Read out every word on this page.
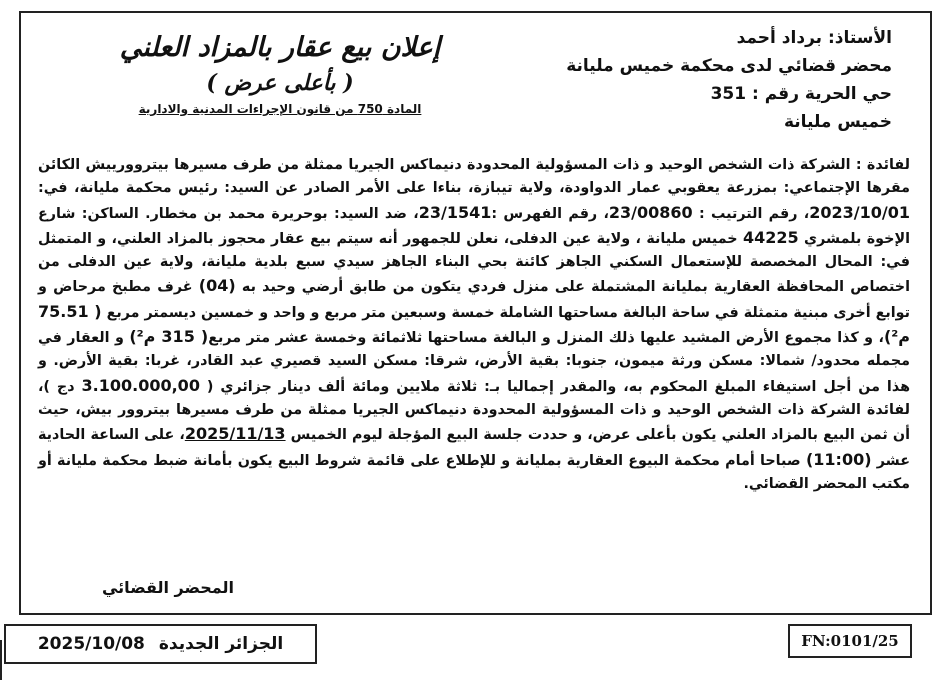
الأستاذ: برداد أحمد
محضر قضائي لدى محكمة خميس مليانة
حي الحرية رقم : 351
خميس مليانة
إعلان بيع عقار بالمزاد العلني
( بأعلى عرض )
المادة 750 من قانون الإجراءات المدنية والادارية
لفائدة : الشركة ذات الشخص الوحيد و ذات المسؤولية المحدودة دنيماكس الجيريا ممثلة من طرف مسيرها بيتروورييش الكائن مقرها الإجتماعي: بمزرعة يعقوبي عمار الدواودة، ولاية تيبازة، بناءا على الأمر الصادر عن السيد: رئيس محكمة مليانة، في: 2023/10/01، رقم الترتيب : 23/00860، رقم الفهرس :23/1541، ضد السيد: بوحريرة محمد بن مخطار. الساكن: شارع الإخوة بلمشري 44225 خميس مليانة ، ولاية عين الدفلى، نعلن للجمهور أنه سيتم بيع عقار محجوز بالمزاد العلني، و المتمثل في: المحال المخصصة للإستعمال السكني الجاهز كائنة بحي البناء الجاهز سيدي سبع بلدية مليانة، ولاية عين الدفلى من اختصاص المحافظة العقارية بمليانة المشتملة على منزل فردي يتكون من طابق أرضي وحيد به (04) غرف مطبخ مرحاض و توابع أخرى مبنية متمثلة في ساحة البالغة مساحتها الشاملة خمسة وسبعين متر مربع و واحد و خمسين ديسمتر مربع ( 75.51 م²)، و كذا مجموع الأرض المشيد عليها ذلك المنزل و البالغة مساحتها ثلاثمائة وخمسة عشر متر مربع( 315 م²) و العقار في مجمله محدود/ شمالا: مسكن ورثة ميمون، جنوبا: بقية الأرض، شرقا: مسكن السيد قصيري عبد القادر، غربا: بقية الأرض. و هذا من أجل استيفاء المبلغ المحكوم به، والمقدر إجماليا بـ: ثلاثة ملايين ومائة ألف دينار جزائري ( 3.100.000,00 دج )، لفائدة الشركة ذات الشخص الوحيد و ذات المسؤولية المحدودة دنيماكس الجيريا ممثلة من طرف مسيرها بيتروور بيش، حيث أن ثمن البيع بالمزاد العلني يكون بأعلى عرض، و حددت جلسة البيع المؤجلة ليوم الخميس 2025/11/13، على الساعة الحادية عشر (11:00) صباحا أمام محكمة البيوع العقارية بمليانة و للإطلاع على قائمة شروط البيع يكون بأمانة ضبط محكمة مليانة أو مكتب المحضر القضائي.
المحضر القضائي
الجزائر الجديدة
2025/10/08	FN:0101/25
